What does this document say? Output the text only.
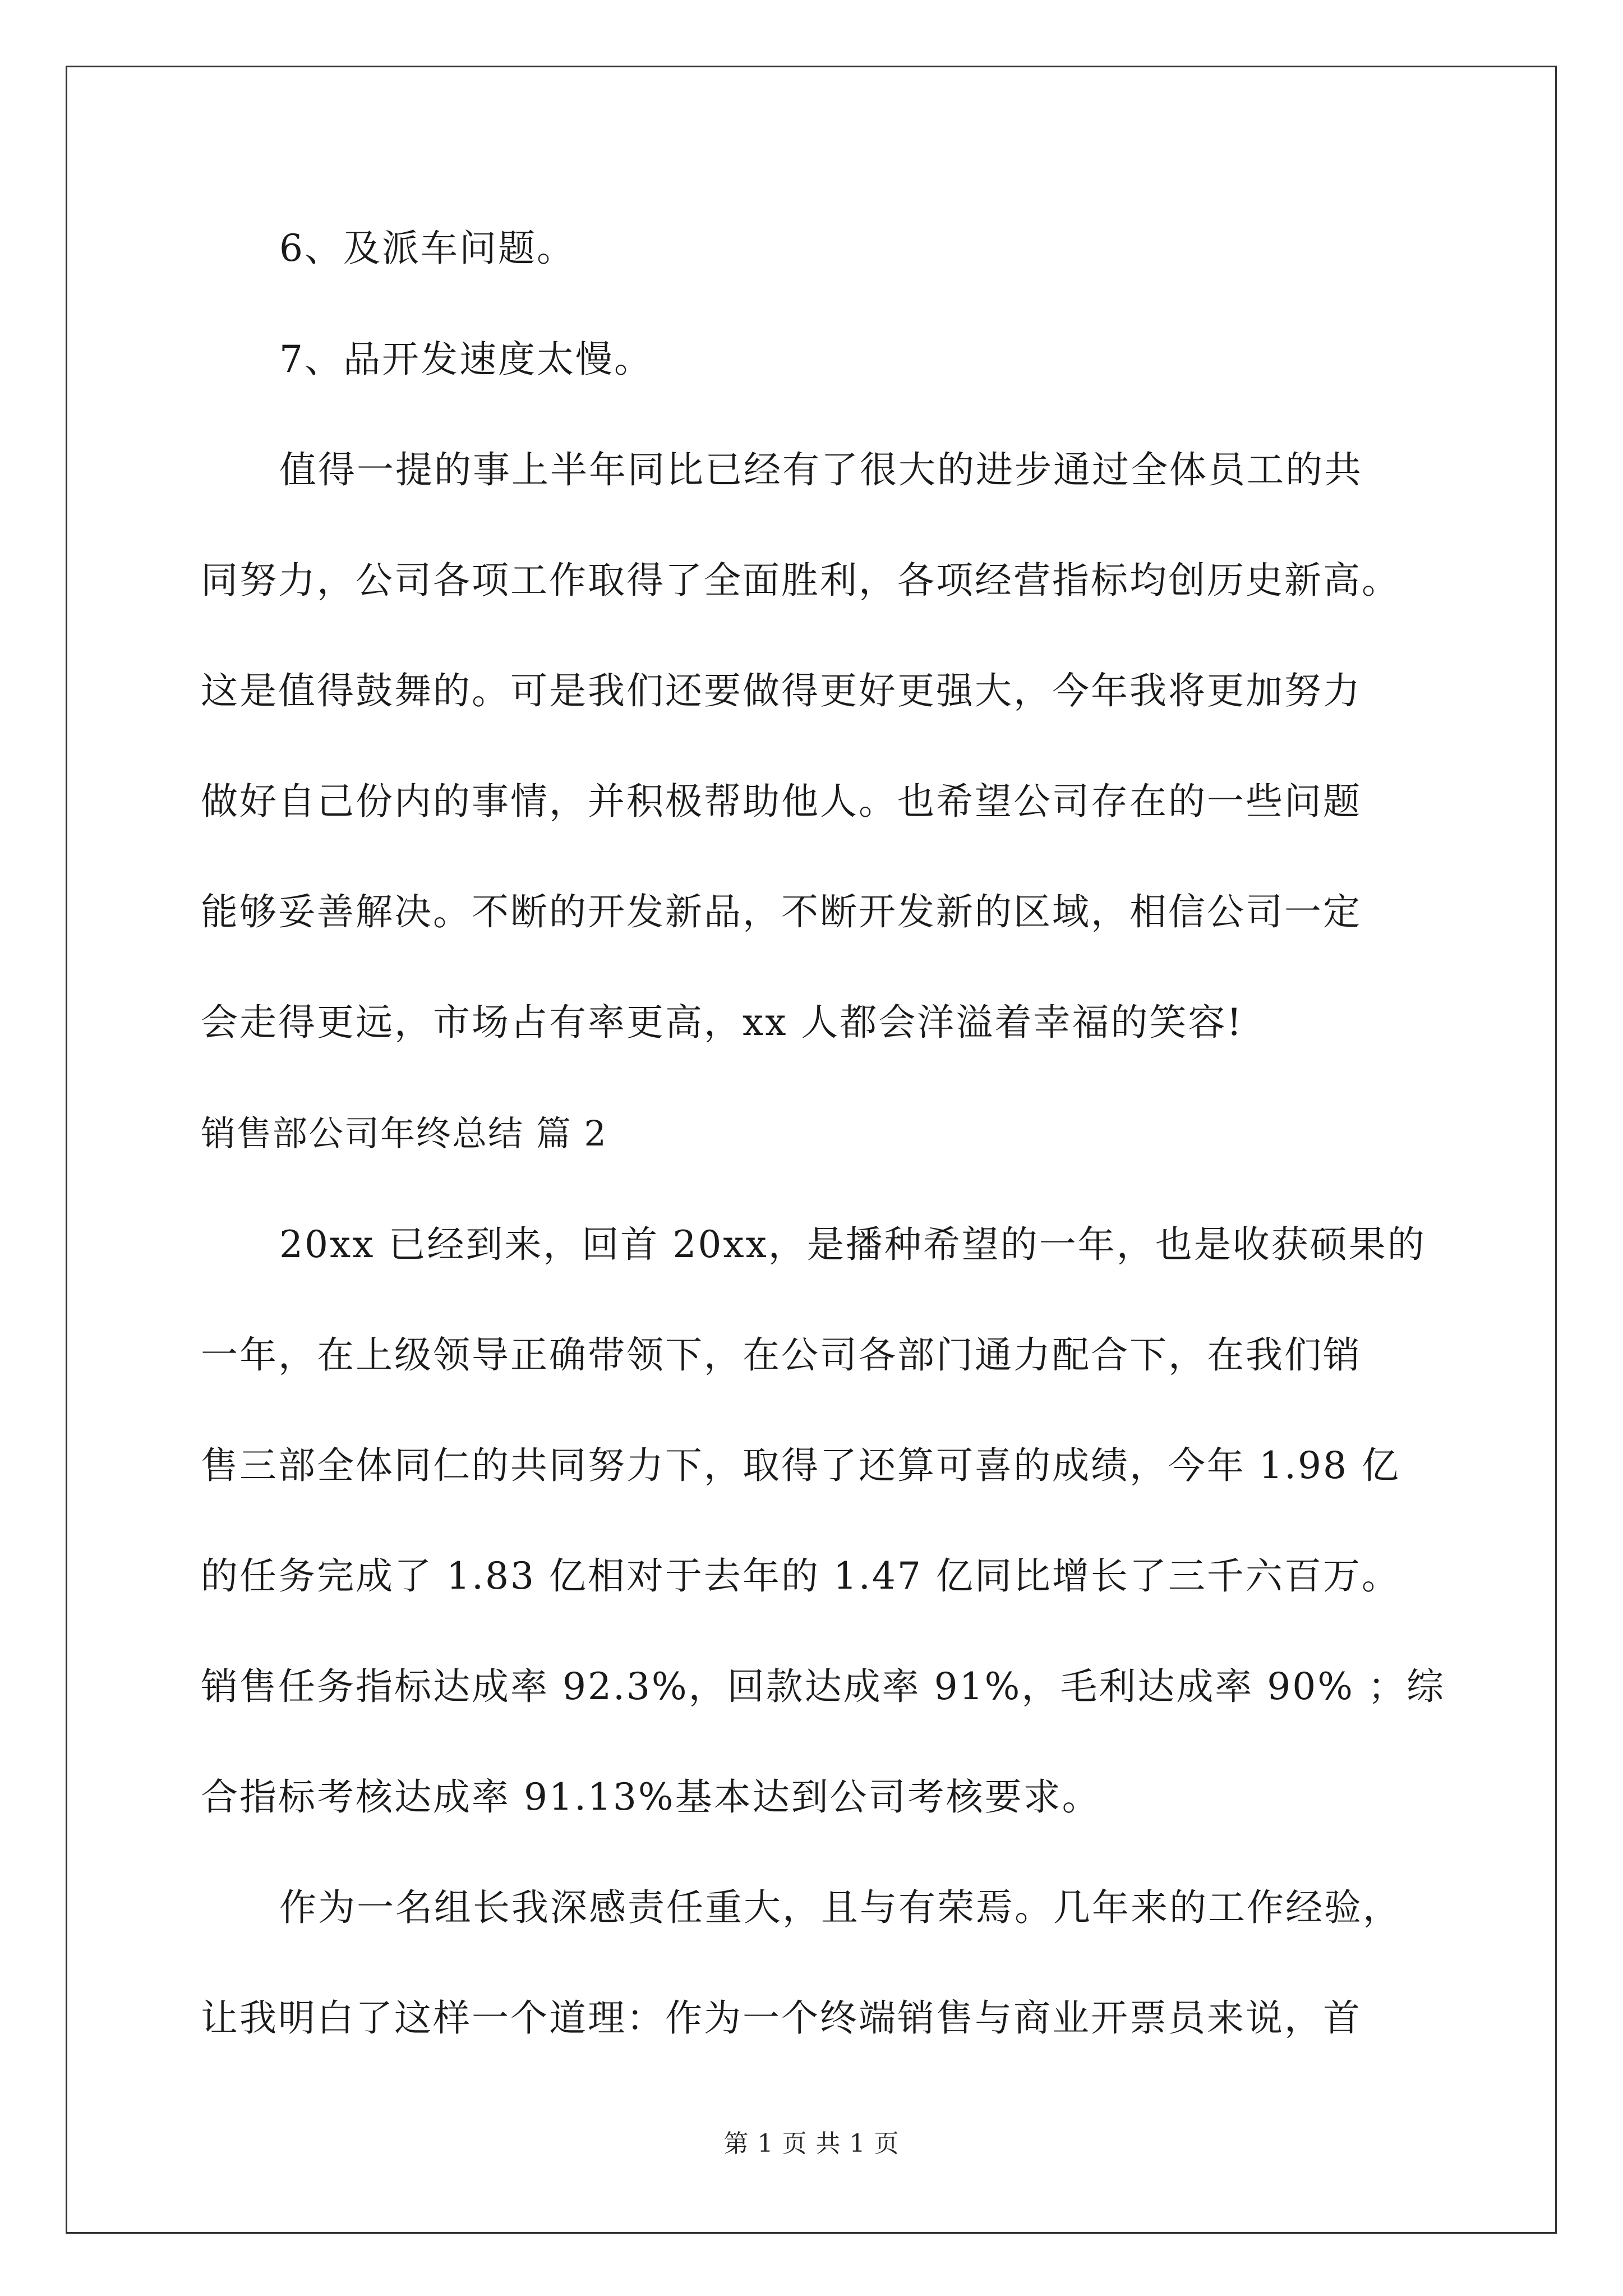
6、及派车问题。
7、品开发速度太慢。
值得一提的事上半年同比已经有了很大的进步通过全体员工的共
同努力，公司各项工作取得了全面胜利，各项经营指标均创历史新高。
这是值得鼓舞的。可是我们还要做得更好更强大，今年我将更加努力
做好自己份内的事情，并积极帮助他人。也希望公司存在的一些问题
能够妥善解决。不断的开发新品，不断开发新的区域，相信公司一定
会走得更远，市场占有率更高，xx 人都会洋溢着幸福的笑容!
销售部公司年终总结 篇 2
20xx 已经到来，回首 20xx，是播种希望的一年，也是收获硕果的
一年，在上级领导正确带领下，在公司各部门通力配合下，在我们销
售三部全体同仁的共同努力下，取得了还算可喜的成绩，今年 1.98 亿
的任务完成了 1.83 亿相对于去年的 1.47 亿同比增长了三千六百万。
销售任务指标达成率 92.3%，回款达成率 91%，毛利达成率 90% ；综
合指标考核达成率 91.13%基本达到公司考核要求。
作为一名组长我深感责任重大，且与有荣焉。几年来的工作经验，
让我明白了这样一个道理：作为一个终端销售与商业开票员来说，首
第 1 页 共 1 页
